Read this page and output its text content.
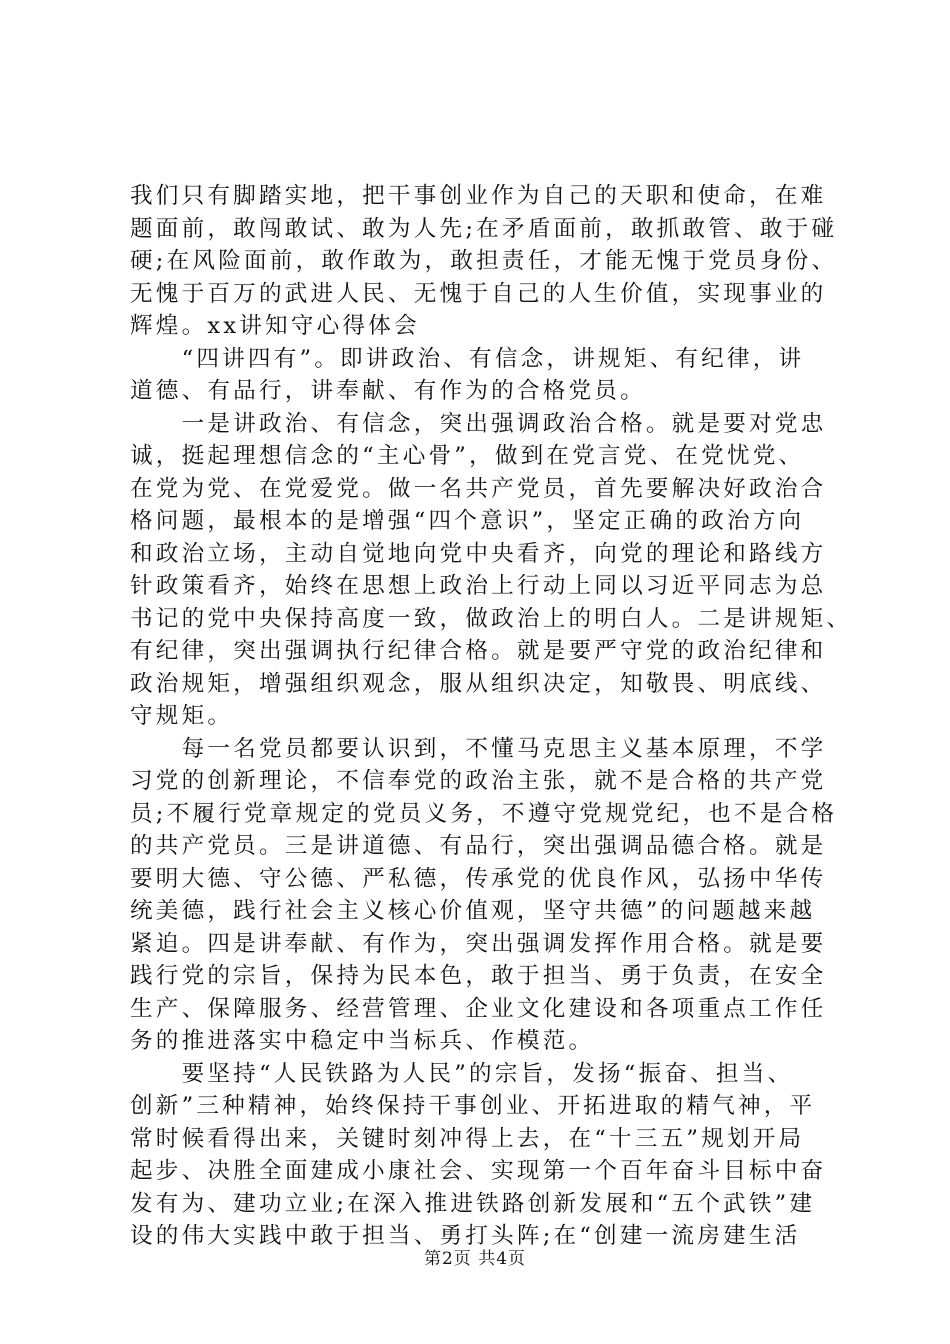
我们只有脚踏实地，把干事创业作为自己的天职和使命，在难
题面前，敢闯敢试、敢为人先;在矛盾面前，敢抓敢管、敢于碰
硬;在风险面前，敢作敢为，敢担责任，才能无愧于党员身份、
无愧于百万的武进人民、无愧于自己的人生价值，实现事业的
辉煌。xx讲知守心得体会
　　“四讲四有”。即讲政治、有信念，讲规矩、有纪律，讲
道德、有品行，讲奉献、有作为的合格党员。
　　一是讲政治、有信念，突出强调政治合格。就是要对党忠
诚，挺起理想信念的“主心骨”，做到在党言党、在党忧党、
在党为党、在党爱党。做一名共产党员，首先要解决好政治合
格问题，最根本的是增强“四个意识”，坚定正确的政治方向
和政治立场，主动自觉地向党中央看齐，向党的理论和路线方
针政策看齐，始终在思想上政治上行动上同以习近平同志为总
书记的党中央保持高度一致，做政治上的明白人。二是讲规矩、
有纪律，突出强调执行纪律合格。就是要严守党的政治纪律和
政治规矩，增强组织观念，服从组织决定，知敬畏、明底线、
守规矩。
　　每一名党员都要认识到，不懂马克思主义基本原理，不学
习党的创新理论，不信奉党的政治主张，就不是合格的共产党
员;不履行党章规定的党员义务，不遵守党规党纪，也不是合格
的共产党员。三是讲道德、有品行，突出强调品德合格。就是
要明大德、守公德、严私德，传承党的优良作风，弘扬中华传
统美德，践行社会主义核心价值观，坚守共德”的问题越来越
紧迫。四是讲奉献、有作为，突出强调发挥作用合格。就是要
践行党的宗旨，保持为民本色，敢于担当、勇于负责，在安全
生产、保障服务、经营管理、企业文化建设和各项重点工作任
务的推进落实中稳定中当标兵、作模范。
　　要坚持“人民铁路为人民”的宗旨，发扬“振奋、担当、
创新”三种精神，始终保持干事创业、开拓进取的精气神，平
常时候看得出来，关键时刻冲得上去，在“十三五”规划开局
起步、决胜全面建成小康社会、实现第一个百年奋斗目标中奋
发有为、建功立业;在深入推进铁路创新发展和“五个武铁”建
设的伟大实践中敢于担当、勇打头阵;在“创建一流房建生活
第2页 共4页
